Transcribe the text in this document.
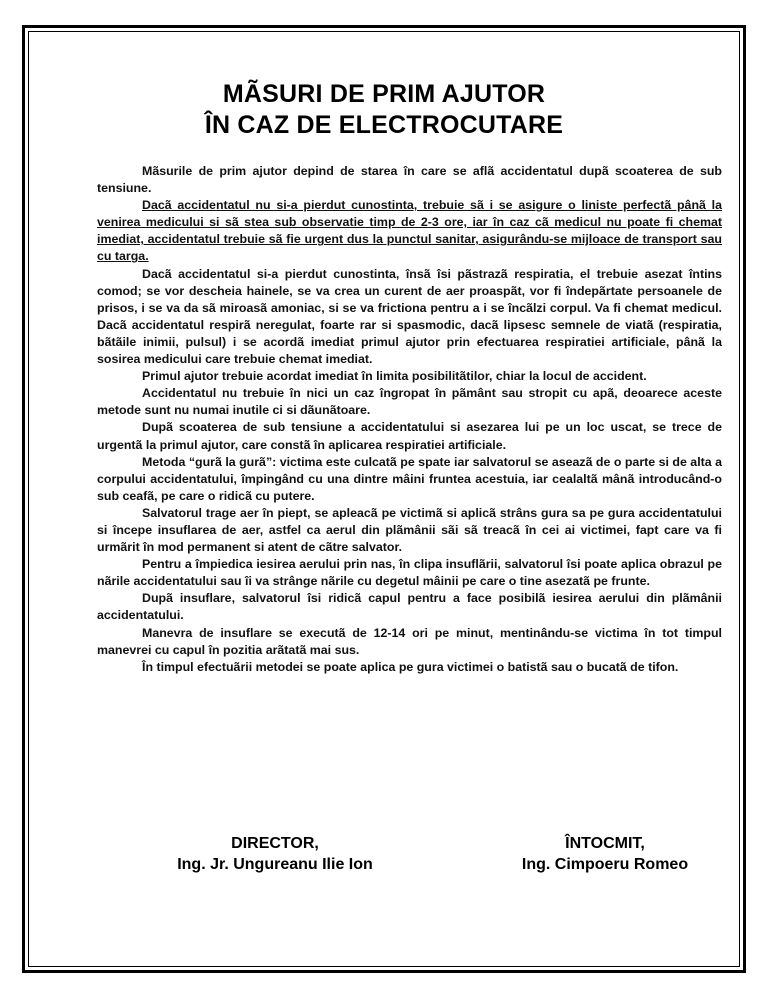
MÃSURI DE PRIM AJUTOR
ÎN CAZ DE ELECTROCUTARE

Mãsurile de prim ajutor depind de starea în care se aflã accidentatul dupã scoaterea de sub tensiune.

Dacã accidentatul nu si-a pierdut cunostinta, trebuie sã i se asigure o liniste perfectã pânã la venirea medicului si sã stea sub observatie timp de 2-3 ore, iar în caz cã medicul nu poate fi chemat imediat, accidentatul trebuie sã fie urgent dus la punctul sanitar, asigurându-se mijloace de transport sau cu targa.

Dacã accidentatul si-a pierdut cunostinta, însã îsi pãstrazã respiratia, el trebuie asezat întins comod; se vor descheia hainele, se va crea un curent de aer proaspãt, vor fi îndepãrtate persoanele de prisos, i se va da sã miroasã amoniac, si se va frictiona pentru a i se încãlzi corpul. Va fi chemat medicul. Dacã accidentatul respirã neregulat, foarte rar si spasmodic, dacã lipsesc semnele de viatã (respiratia, bãtãile inimii, pulsul) i se acordã imediat primul ajutor prin efectuarea respiratiei artificiale, pânã la sosirea medicului care trebuie chemat imediat.

Primul ajutor trebuie acordat imediat în limita posibilitãtilor, chiar la locul de accident.

Accidentatul nu trebuie în nici un caz îngropat în pãmânt sau stropit cu apã, deoarece aceste metode sunt nu numai inutile ci si dãunãtoare.

Dupã scoaterea de sub tensiune a accidentatului si asezarea lui pe un loc uscat, se trece de urgentã la primul ajutor, care constã în aplicarea respiratiei artificiale.

Metoda “gurã la gurã”: victima este culcatã pe spate iar salvatorul se aseazã de o parte si de alta a corpului accidentatului, împingând cu una dintre mâini fruntea acestuia, iar cealaltã mânã introducând-o sub ceafã, pe care o ridicã cu putere.

Salvatorul trage aer în piept, se apleacã pe victimã si aplicã strâns gura sa pe gura accidentatului si începe insuflarea de aer, astfel ca aerul din plãmânii sãi sã treacã în cei ai victimei, fapt care va fi urmãrit în mod permanent si atent de cãtre salvator.

Pentru a împiedica iesirea aerului prin nas, în clipa insuflãrii, salvatorul îsi poate aplica obrazul pe nãrile accidentatului sau îi va strânge nãrile cu degetul mâinii pe care o tine asezatã pe frunte.

Dupã insuflare, salvatorul îsi ridicã capul pentru a face posibilã iesirea aerului din plãmânii accidentatului.

Manevra de insuflare se executã de 12-14 ori pe minut, mentinându-se victima în tot timpul manevrei cu capul în pozitia arãtatã mai sus.

În timpul efectuãrii metodei se poate aplica pe gura victimei o batistã sau o bucatã de tifon.

DIRECTOR,
Ing. Jr. Ungureanu Ilie Ion
ÎNTOCMIT,
Ing. Cimpoeru Romeo
